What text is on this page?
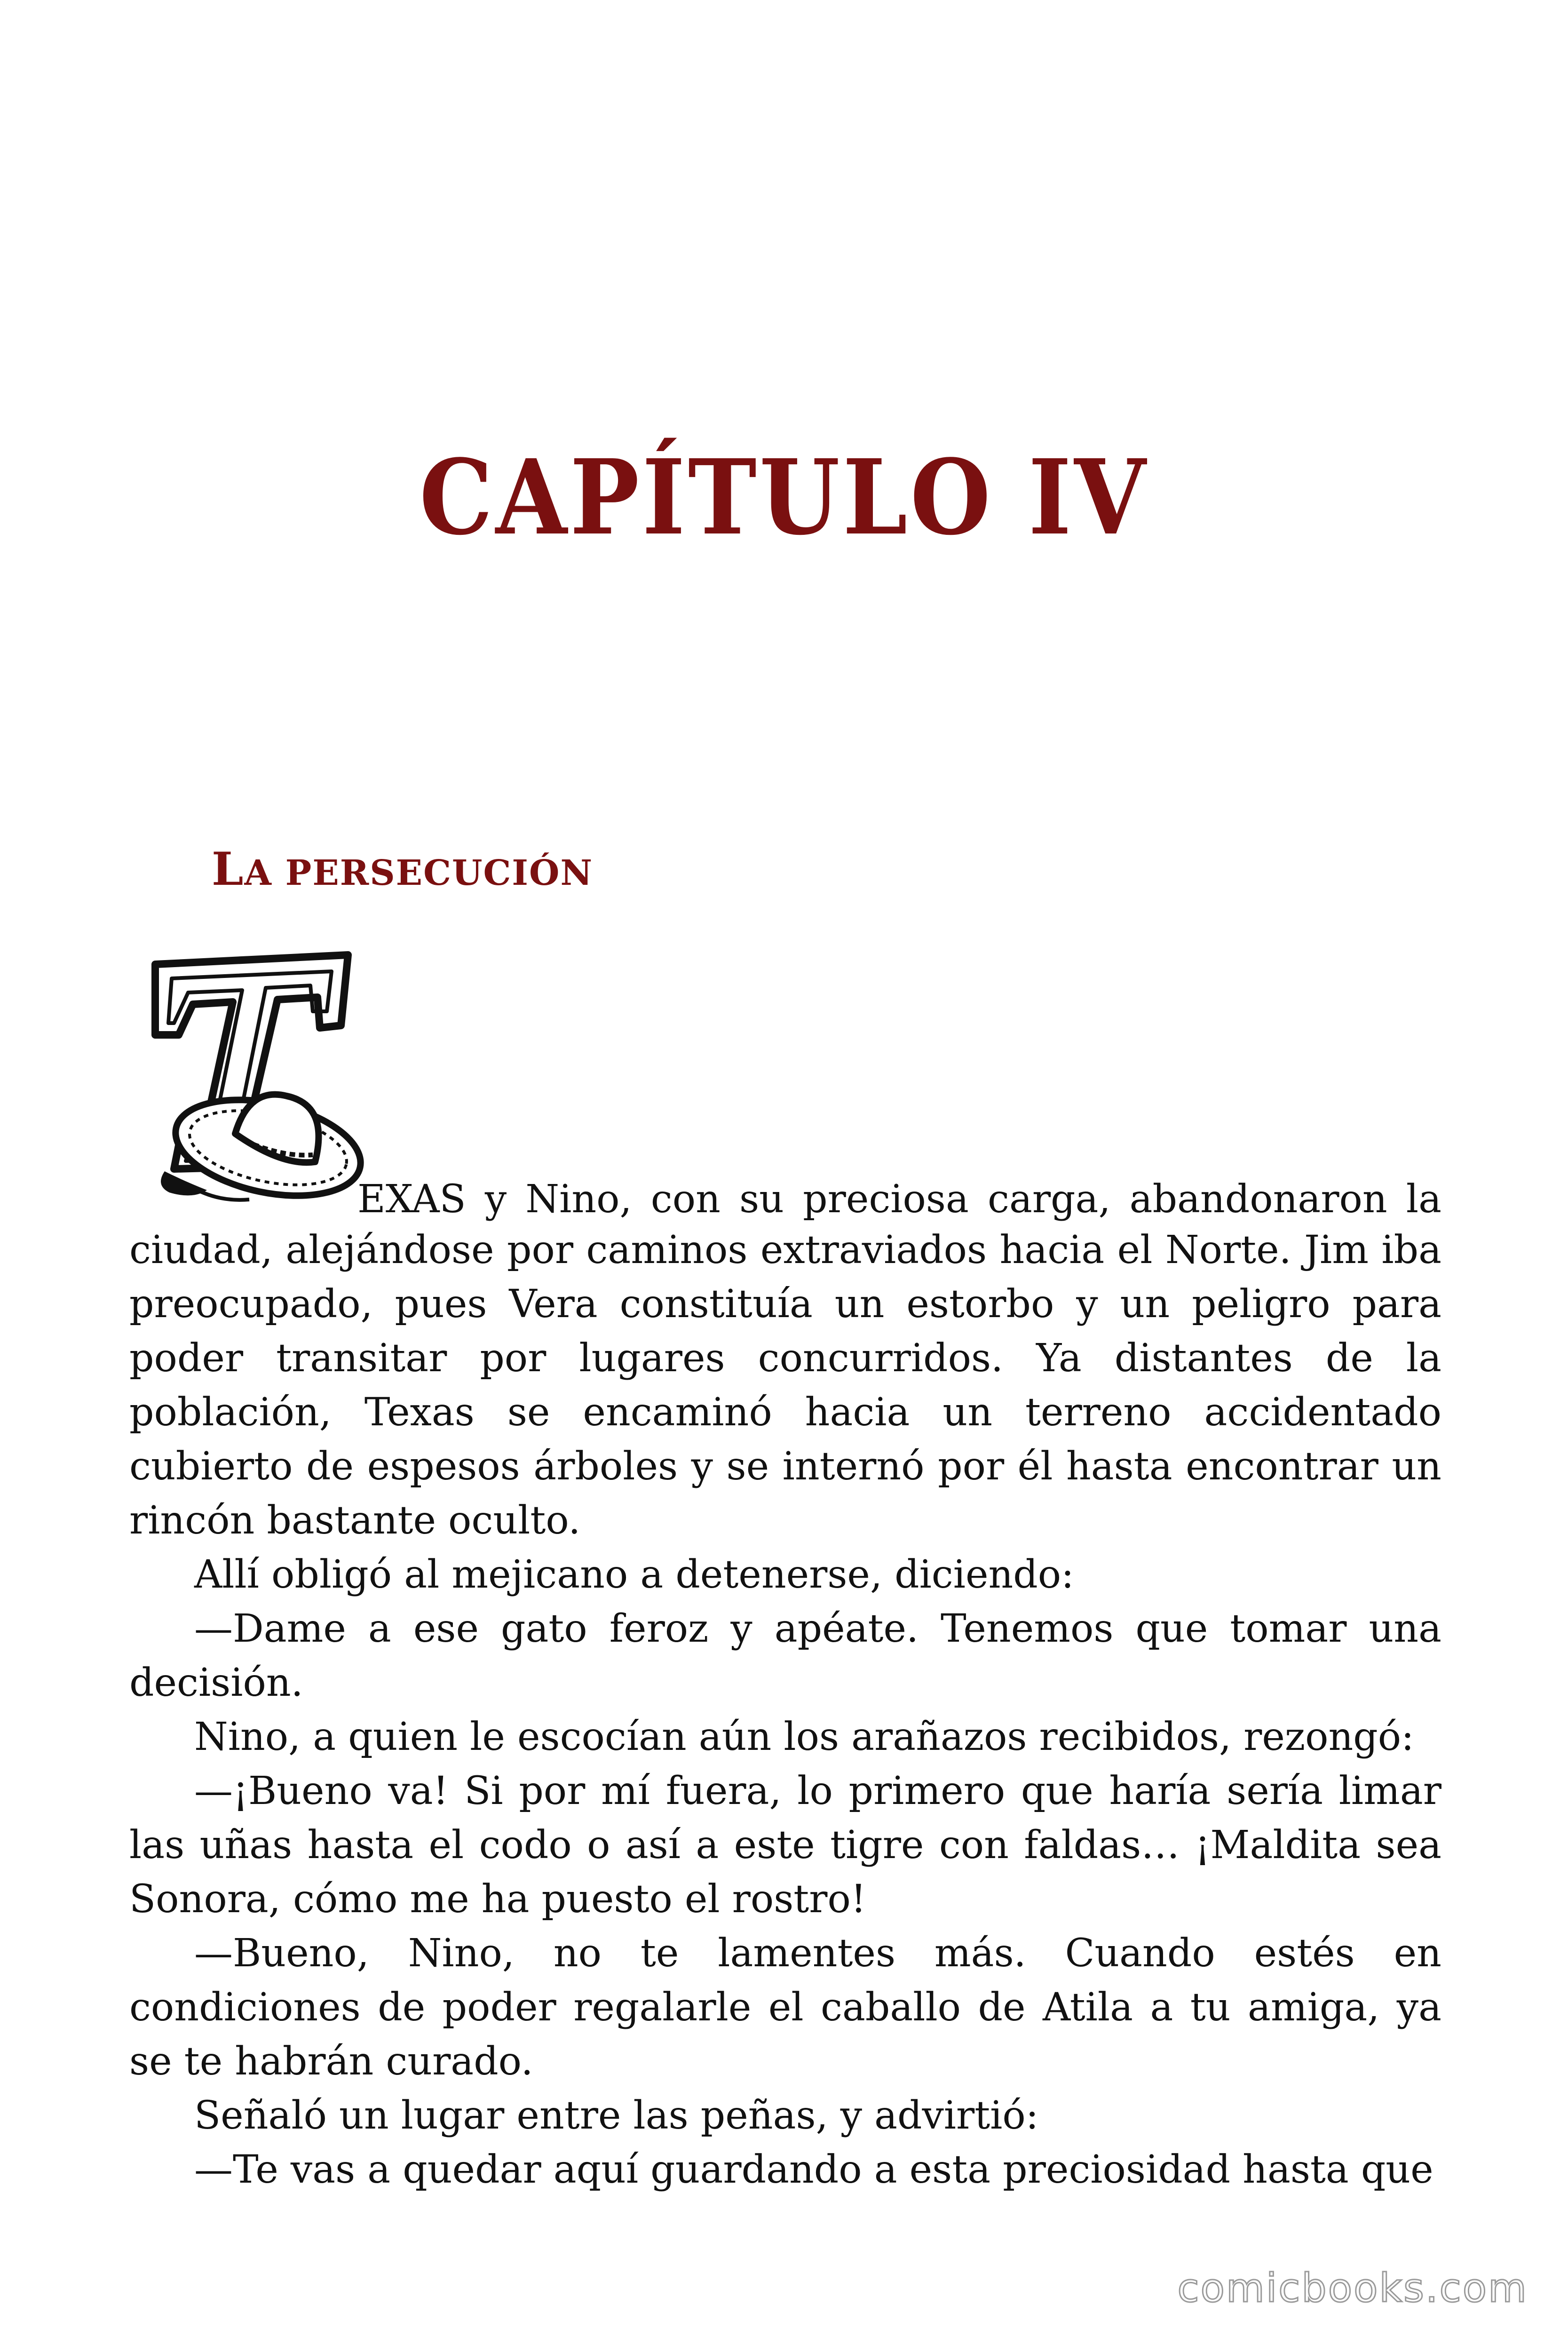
CAPÍTULO IV
LA PERSECUCIÓN

EXAS y Nino, con su preciosa carga, abandonaron la

ciudad, alejándose por caminos extraviados hacia el Norte. Jim iba preocupado, pues Vera constituía un estorbo y un peligro para poder transitar por lugares concurridos. Ya distantes de la población, Texas se encaminó hacia un terreno accidentado cubierto de espesos árboles y se internó por él hasta encontrar un rincón bastante oculto.

Allí obligó al mejicano a detenerse, diciendo:

—Dame a ese gato feroz y apéate. Tenemos que tomar una decisión.

Nino, a quien le escocían aún los arañazos recibidos, rezongó:

—¡Bueno va! Si por mí fuera, lo primero que haría sería limar las uñas hasta el codo o así a este tigre con faldas… ¡Maldita sea Sonora, cómo me ha puesto el rostro!

—Bueno, Nino, no te lamentes más. Cuando estés en condiciones de poder regalarle el caballo de Atila a tu amiga, ya se te habrán curado.

Señaló un lugar entre las peñas, y advirtió:

—Te vas a quedar aquí guardando a esta preciosidad hasta que

comicbooks.com
